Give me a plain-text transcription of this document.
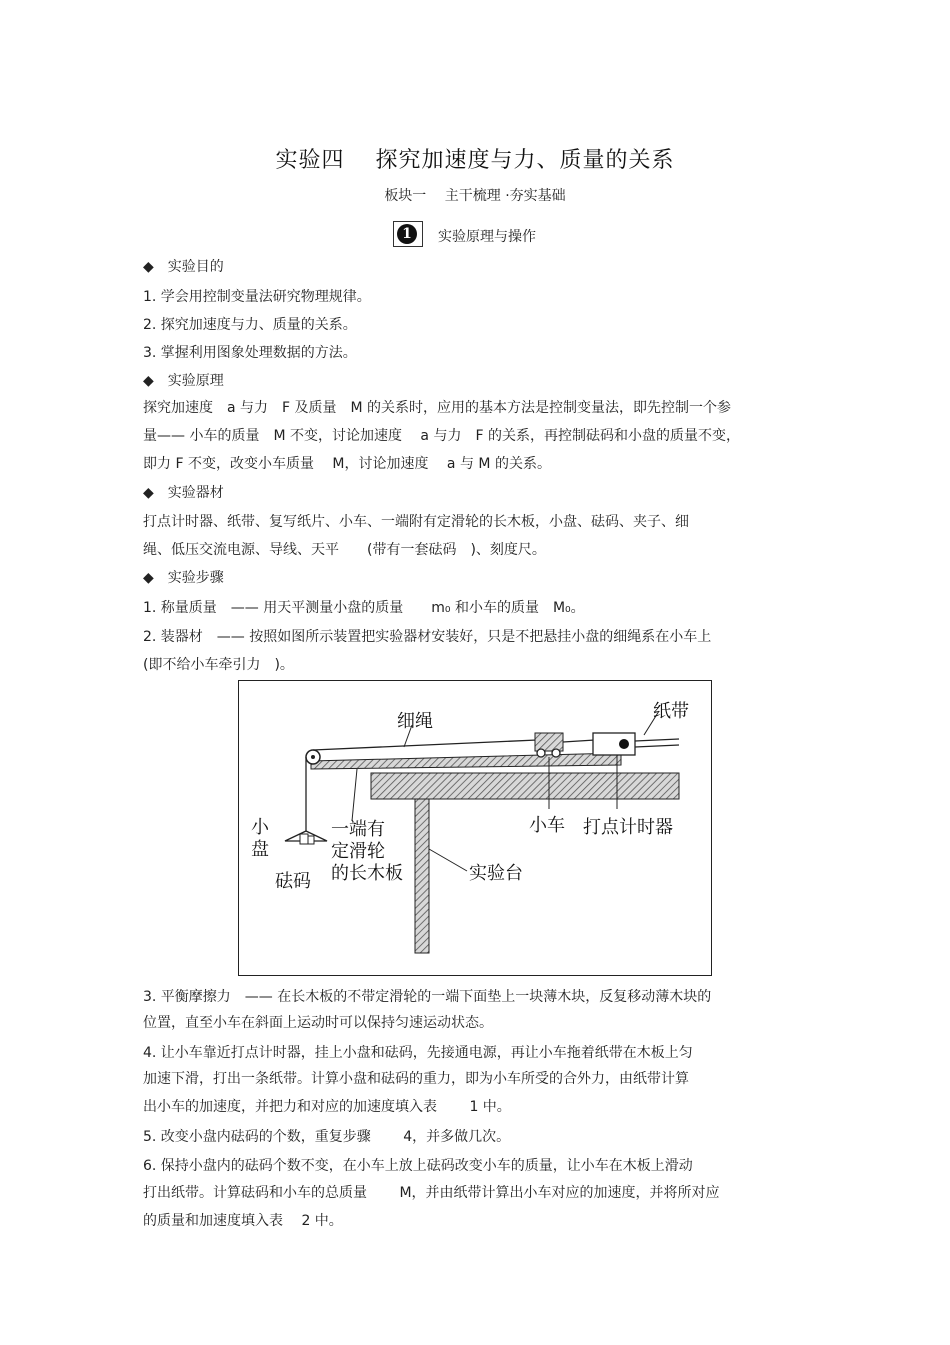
实验四　 探究加速度与力、质量的关系
板块一　 主干梳理 ·夯实基础
1	实验原理与操作
◆　实验目的
1. 学会用控制变量法研究物理规律。
2. 探究加速度与力、质量的关系。
3. 掌握利用图象处理数据的方法。
◆　实验原理
探究加速度　a 与力　F 及质量　M 的关系时，应用的基本方法是控制变量法，即先控制一个参
量—— 小车的质量　M 不变，讨论加速度　 a 与力　F 的关系，再控制砝码和小盘的质量不变，
即力 F 不变，改变小车质量　 M，讨论加速度　 a 与 M 的关系。
◆　实验器材
打点计时器、纸带、复写纸片、小车、一端附有定滑轮的长木板，小盘、砝码、夹子、细
绳、低压交流电源、导线、天平　　(带有一套砝码　)、刻度尺。
◆　实验步骤
1. 称量质量　—— 用天平测量小盘的质量　　m₀ 和小车的质量　M₀。
2. 装器材　—— 按照如图所示装置把实验器材安装好，只是不把悬挂小盘的细绳系在小车上
(即不给小车牵引力　)。
细绳	纸带
小
盘
砝码
一端有
定滑轮
的长木板
小车 打点计时器
实验台
3. 平衡摩擦力　—— 在长木板的不带定滑轮的一端下面垫上一块薄木块，反复移动薄木块的
位置，直至小车在斜面上运动时可以保持匀速运动状态。
4. 让小车靠近打点计时器，挂上小盘和砝码，先接通电源，再让小车拖着纸带在木板上匀
加速下滑，打出一条纸带。计算小盘和砝码的重力，即为小车所受的合外力，由纸带计算
出小车的加速度，并把力和对应的加速度填入表　　 1 中。
5. 改变小盘内砝码的个数，重复步骤　　 4，并多做几次。
6. 保持小盘内的砝码个数不变，在小车上放上砝码改变小车的质量，让小车在木板上滑动
打出纸带。计算砝码和小车的总质量　　 M，并由纸带计算出小车对应的加速度，并将所对应
的质量和加速度填入表　 2 中。
